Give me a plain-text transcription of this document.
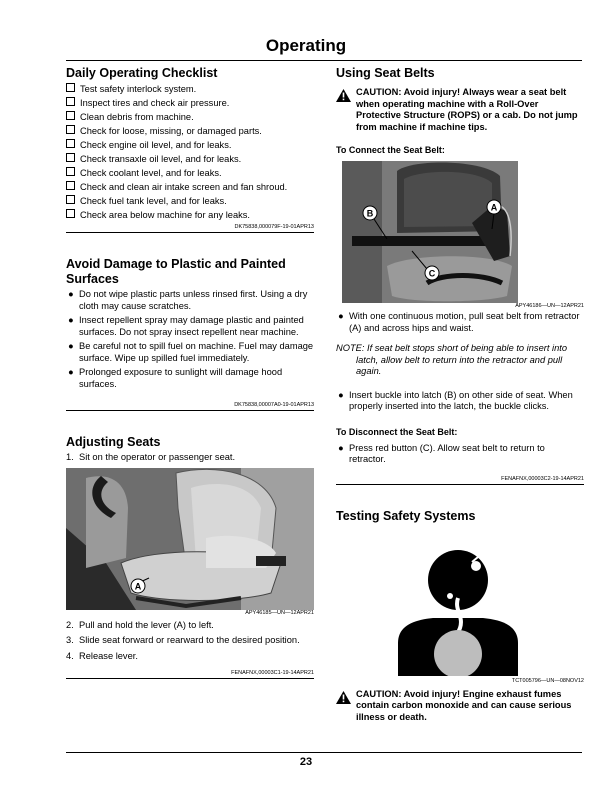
Operating
Daily Operating Checklist
Test safety interlock system.
Inspect tires and check air pressure.
Clean debris from machine.
Check for loose, missing, or damaged parts.
Check engine oil level, and for leaks.
Check transaxle oil level, and for leaks.
Check coolant level, and for leaks.
Check and clean air intake screen and fan shroud.
Check fuel tank level, and for leaks.
Check area below machine for any leaks.
DK75838,000079F-19-01APR13
Avoid Damage to Plastic and Painted
Surfaces
● Do not wipe plastic parts unless rinsed first. Using a dry cloth may cause scratches.
● Insect repellent spray may damage plastic and painted surfaces. Do not spray insect repellent near machine.
● Be careful not to spill fuel on machine. Fuel may damage surface. Wipe up spilled fuel immediately.
● Prolonged exposure to sunlight will damage hood surfaces.
DK75838,00007A0-19-01APR13
Adjusting Seats
1. Sit on the operator or passenger seat.
A
APY46185—UN—12APR21
2. Pull and hold the lever (A) to left.
3. Slide seat forward or rearward to the desired position.
4. Release lever.
FENAFNX,00003C1-19-14APR21
Using Seat Belts
CAUTION: Avoid injury! Always wear a seat belt when operating machine with a Roll-Over Protective Structure (ROPS) or a cab. Do not jump from machine if machine tips.
To Connect the Seat Belt:
B
A
C
APY46186—UN—12APR21
● With one continuous motion, pull seat belt from retractor (A) and across hips and waist.
NOTE: If seat belt stops short of being able to insert into latch, allow belt to return into the retractor and pull again.
● Insert buckle into latch (B) on other side of seat. When properly inserted into the latch, the buckle clicks.
To Disconnect the Seat Belt:
● Press red button (C). Allow seat belt to return to retractor.
FENAFNX,00003C2-19-14APR21
Testing Safety Systems
TCT005796—UN—08NOV12
CAUTION: Avoid injury! Engine exhaust fumes contain carbon monoxide and can cause serious illness or death.
23
